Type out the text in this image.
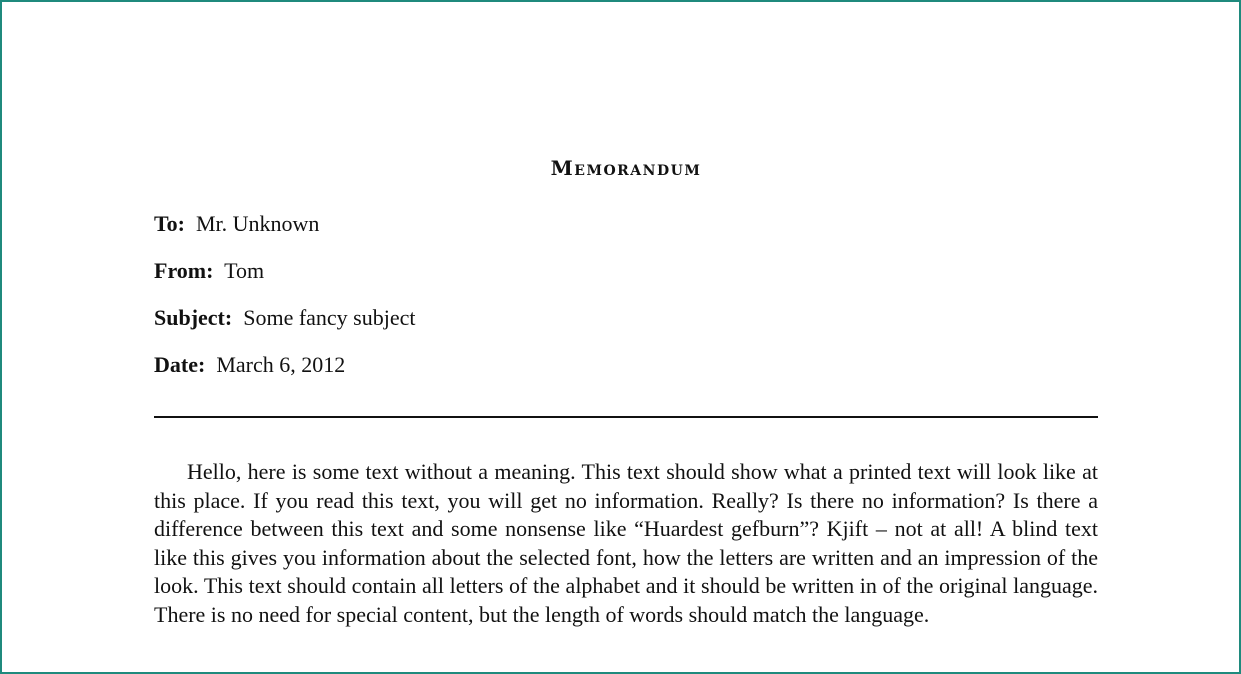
Memorandum
To: Mr. Unknown
From: Tom
Subject: Some fancy subject
Date: March 6, 2012

Hello, here is some text without a meaning. This text should show what a printed text will look like at this place. If you read this text, you will get no information. Really? Is there no information? Is there a difference between this text and some nonsense like “Huardest gefburn”? Kjift – not at all! A blind text like this gives you information about the selected font, how the letters are written and an impression of the look. This text should contain all letters of the alphabet and it should be written in of the original language. There is no need for special content, but the length of words should match the language.
